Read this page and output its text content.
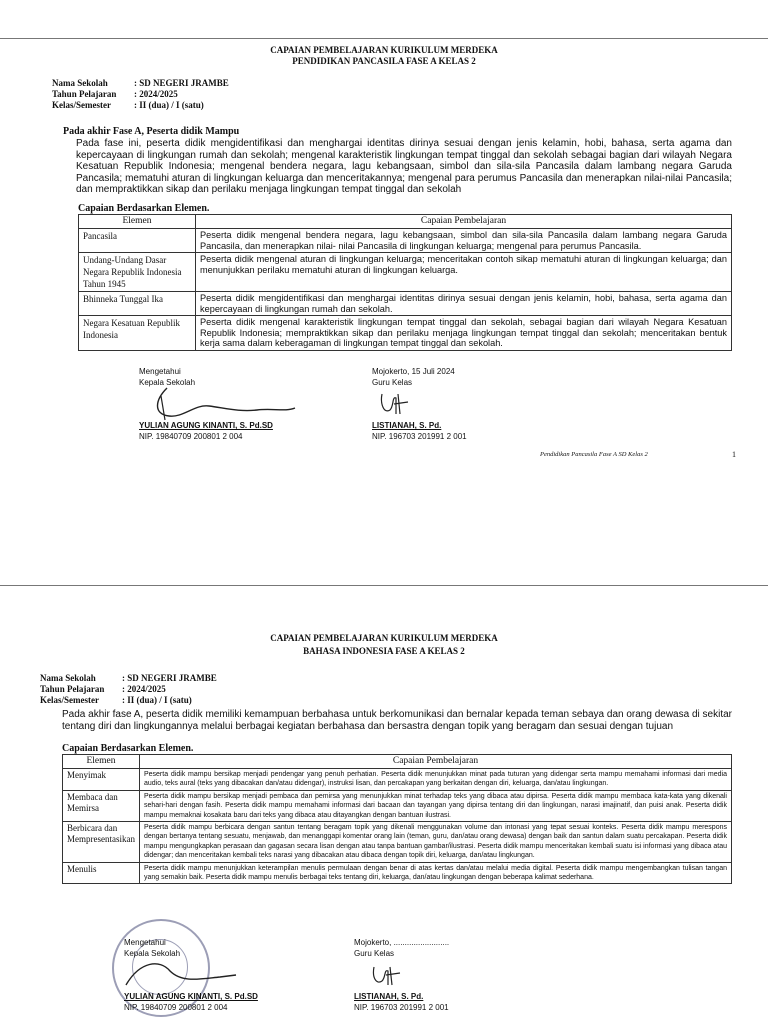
CAPAIAN PEMBELAJARAN KURIKULUM MERDEKA
PENDIDIKAN PANCASILA FASE A KELAS 2
Nama Sekolah	: SD NEGERI JRAMBE
Tahun Pelajaran	: 2024/2025
Kelas/Semester	: II (dua) / I (satu)
Pada akhir Fase A, Peserta didik Mampu
Pada fase ini, peserta didik mengidentifikasi dan menghargai identitas dirinya sesuai dengan jenis kelamin, hobi, bahasa, serta agama dan kepercayaan di lingkungan rumah dan sekolah; mengenal karakteristik lingkungan tempat tinggal dan sekolah sebagai bagian dari wilayah Negara Kesatuan Republik Indonesia; mengenal bendera negara, lagu kebangsaan, simbol dan sila-sila Pancasila dalam lambang negara Garuda Pancasila; mematuhi aturan di lingkungan keluarga dan menceritakannya; mengenal para perumus Pancasila dan menerapkan nilai-nilai Pancasila; dan mempraktikkan sikap dan perilaku menjaga lingkungan tempat tinggal dan sekolah
Capaian Berdasarkan Elemen.
Elemen	Capaian Pembelajaran
Pancasila	Peserta didik mengenal bendera negara, lagu kebangsaan, simbol dan sila-sila Pancasila dalam lambang negara Garuda Pancasila, dan menerapkan nilai- nilai Pancasila di lingkungan keluarga; mengenal para perumus Pancasila.
Undang-Undang Dasar Negara Republik Indonesia Tahun 1945	Peserta didik mengenal aturan di lingkungan keluarga; menceritakan contoh sikap mematuhi aturan di lingkungan keluarga; dan menunjukkan perilaku mematuhi aturan di lingkungan keluarga.
Bhinneka Tunggal Ika	Peserta didik mengidentifikasi dan menghargai identitas dirinya sesuai dengan jenis kelamin, hobi, bahasa, serta agama dan kepercayaan di lingkungan rumah dan sekolah.
Negara Kesatuan Republik Indonesia	Peserta didik mengenal karakteristik lingkungan tempat tinggal dan sekolah, sebagai bagian dari wilayah Negara Kesatuan Republik Indonesia; mempraktikkan sikap dan perilaku menjaga lingkungan tempat tinggal dan sekolah; menceritakan bentuk kerja sama dalam keberagaman di lingkungan tempat tinggal dan sekolah.
Mengetahui
Kepala Sekolah
YULIAN AGUNG KINANTI, S. Pd.SD
NIP. 19840709 200801 2 004
Mojokerto, 15 Juli 2024
Guru Kelas
LISTIANAH, S. Pd.
NIP. 196703 201991 2 001
Pendidikan Pancasila Fase A SD Kelas 2	1
CAPAIAN PEMBELAJARAN KURIKULUM MERDEKA
BAHASA INDONESIA FASE A KELAS 2
Nama Sekolah	: SD NEGERI JRAMBE
Tahun Pelajaran	: 2024/2025
Kelas/Semester	: II (dua) / I (satu)
Pada akhir fase A, peserta didik memiliki kemampuan berbahasa untuk berkomunikasi dan bernalar kepada teman sebaya dan orang dewasa di sekitar tentang diri dan lingkungannya melalui berbagai kegiatan berbahasa dan bersastra dengan topik yang beragam dan sesuai dengan tujuan
Capaian Berdasarkan Elemen.
Elemen	Capaian Pembelajaran
Menyimak	Peserta didik mampu bersikap menjadi pendengar yang penuh perhatian. Peserta didik menunjukkan minat pada tuturan yang didengar serta mampu memahami informasi dari media audio, teks aural (teks yang dibacakan dan/atau didengar), instruksi lisan, dan percakapan yang berkaitan dengan diri, keluarga, dan/atau lingkungan.
Membaca dan Memirsa	Peserta didik mampu bersikap menjadi pembaca dan pemirsa yang menunjukkan minat terhadap teks yang dibaca atau dipirsa. Peserta didik mampu membaca kata-kata yang dikenali sehari-hari dengan fasih. Peserta didik mampu memahami informasi dari bacaan dan tayangan yang dipirsa tentang diri dan lingkungan, narasi imajinatif, dan puisi anak. Peserta didik mampu memaknai kosakata baru dari teks yang dibaca atau ditayangkan dengan bantuan ilustrasi.
Berbicara dan Mempresentasikan	Peserta didik mampu berbicara dengan santun tentang beragam topik yang dikenali menggunakan volume dan intonasi yang tepat sesuai konteks. Peserta didik mampu merespons dengan bertanya tentang sesuatu, menjawab, dan menanggapi komentar orang lain (teman, guru, dan/atau orang dewasa) dengan baik dan santun dalam suatu percakapan. Peserta didik mampu mengungkapkan perasaan dan gagasan secara lisan dengan atau tanpa bantuan gambar/ilustrasi. Peserta didik mampu menceritakan kembali suatu isi informasi yang dibaca atau didengar; dan menceritakan kembali teks narasi yang dibacakan atau dibaca dengan topik diri, keluarga, dan/atau lingkungan.
Menulis	Peserta didik mampu menunjukkan keterampilan menulis permulaan dengan benar di atas kertas dan/atau melalui media digital. Peserta didik mampu mengembangkan tulisan tangan yang semakin baik. Peserta didik mampu menulis berbagai teks tentang diri, keluarga, dan/atau lingkungan dengan beberapa kalimat sederhana.
Mengetahui
Kepala Sekolah
YULIAN AGUNG KINANTI, S. Pd.SD
NIP. 19840709 200801 2 004
Mojokerto, .........................
Guru Kelas
LISTIANAH, S. Pd.
NIP. 196703 201991 2 001
